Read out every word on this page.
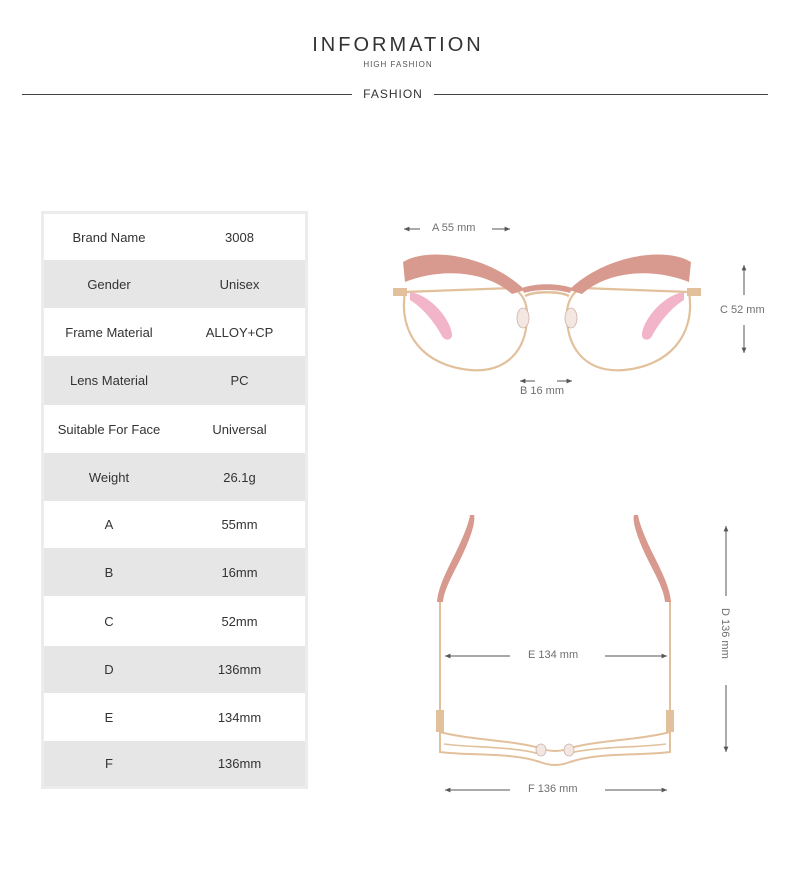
INFORMATION
HIGH FASHION
FASHION
Brand Name	3008
Gender	Unisex
Frame Material	ALLOY+CP
Lens Material	PC
Suitable For Face	Universal
Weight	26.1g
A	55mm
B	16mm
C	52mm
D	136mm
E	134mm
F	136mm
A 55 mm
B 16 mm
C 52 mm
E 134 mm
F 136 mm
D 136 mm
